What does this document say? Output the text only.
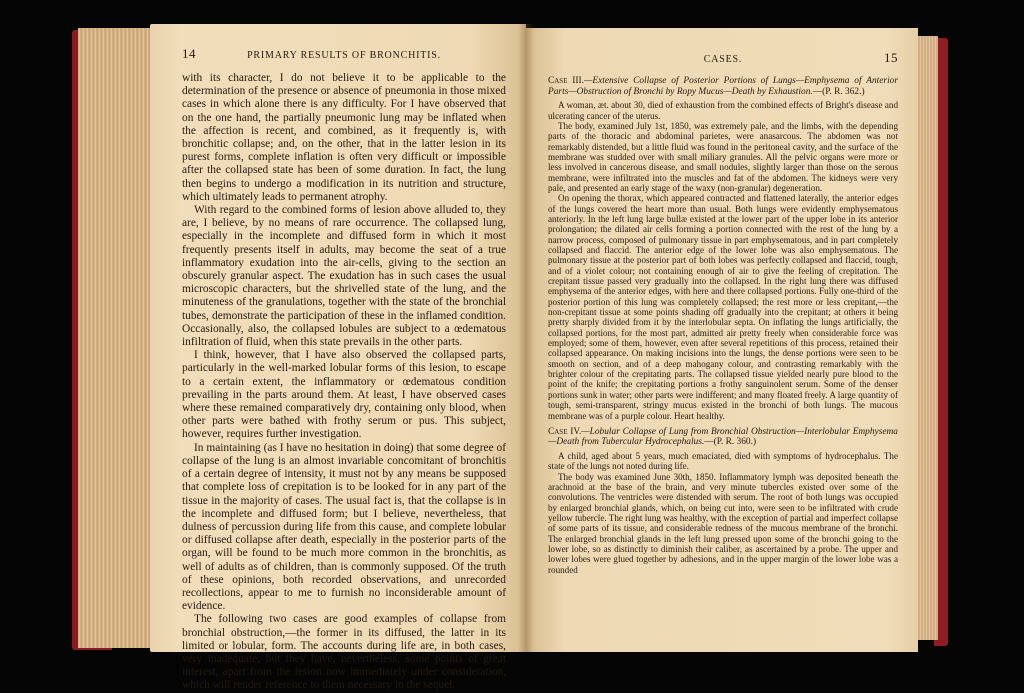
14	PRIMARY RESULTS OF BRONCHITIS.

with its character, I do not believe it to be applicable to the determination of the presence or absence of pneumonia in those mixed cases in which alone there is any difficulty. For I have observed that on the one hand, the partially pneumonic lung may be inflated when the affection is recent, and combined, as it frequently is, with bronchitic collapse; and, on the other, that in the latter lesion in its purest forms, complete inflation is often very difficult or impossible after the collapsed state has been of some duration. In fact, the lung then begins to undergo a modification in its nutrition and structure, which ultimately leads to permanent atrophy.

With regard to the combined forms of lesion above alluded to, they are, I believe, by no means of rare occurrence. The collapsed lung, especially in the incomplete and diffused form in which it most frequently presents itself in adults, may become the seat of a true inflammatory exudation into the air-cells, giving to the section an obscurely granular aspect. The exudation has in such cases the usual microscopic characters, but the shrivelled state of the lung, and the minuteness of the granulations, together with the state of the bronchial tubes, demonstrate the participation of these in the inflamed condition. Occasionally, also, the collapsed lobules are subject to a œdematous infiltration of fluid, when this state prevails in the other parts.

I think, however, that I have also observed the collapsed parts, particularly in the well-marked lobular forms of this lesion, to escape to a certain extent, the inflammatory or œdematous condition prevailing in the parts around them. At least, I have observed cases where these remained comparatively dry, containing only blood, when other parts were bathed with frothy serum or pus. This subject, however, requires further investigation.

In maintaining (as I have no hesitation in doing) that some degree of collapse of the lung is an almost invariable concomitant of bronchitis of a certain degree of intensity, it must not by any means be supposed that complete loss of crepitation is to be looked for in any part of the tissue in the majority of cases. The usual fact is, that the collapse is in the incomplete and diffused form; but I believe, nevertheless, that dulness of percussion during life from this cause, and complete lobular or diffused collapse after death, especially in the posterior parts of the organ, will be found to be much more common in the bronchitis, as well of adults as of children, than is commonly supposed. Of the truth of these opinions, both recorded observations, and unrecorded recollections, appear to me to furnish no inconsiderable amount of evidence.

The following two cases are good examples of collapse from bronchial obstruction,—the former in its diffused, the latter in its limited or lobular, form. The accounts during life are, in both cases, very inadequate; but they have, nevertheless, some points of great interest, apart from the lesion now immediately under consideration, which will render reference to them necessary in the sequel.

CASES.	15
Case III.—Extensive Collapse of Posterior Portions of Lungs—Emphysema of Anterior Parts—Obstruction of Bronchi by Ropy Mucus—Death by Exhaustion.—(P. R. 362.)

A woman, æt. about 30, died of exhaustion from the combined effects of Bright's disease and ulcerating cancer of the uterus.

The body, examined July 1st, 1850, was extremely pale, and the limbs, with the depending parts of the thoracic and abdominal parietes, were anasarcous. The abdomen was not remarkably distended, but a little fluid was found in the peritoneal cavity, and the surface of the membrane was studded over with small miliary granules. All the pelvic organs were more or less involved in cancerous disease, and small nodules, slightly larger than those on the serous membrane, were infiltrated into the muscles and fat of the abdomen. The kidneys were very pale, and presented an early stage of the waxy (non-granular) degeneration.

On opening the thorax, which appeared contracted and flattened laterally, the anterior edges of the lungs covered the heart more than usual. Both lungs were evidently emphysematous anteriorly. In the left lung large bullæ existed at the lower part of the upper lobe in its anterior prolongation; the dilated air cells forming a portion connected with the rest of the lung by a narrow process, composed of pulmonary tissue in part emphysematous, and in part completely collapsed and flaccid. The anterior edge of the lower lobe was also emphysematous. The pulmonary tissue at the posterior part of both lobes was perfectly collapsed and flaccid, tough, and of a violet colour; not containing enough of air to give the feeling of crepitation. The crepitant tissue passed very gradually into the collapsed. In the right lung there was diffused emphysema of the anterior edges, with here and there collapsed portions. Fully one-third of the posterior portion of this lung was completely collapsed; the rest more or less crepitant,—the non-crepitant tissue at some points shading off gradually into the crepitant; at others it being pretty sharply divided from it by the interlobular septa. On inflating the lungs artificially, the collapsed portions, for the most part, admitted air pretty freely when considerable force was employed; some of them, however, even after several repetitions of this process, retained their collapsed appearance. On making incisions into the lungs, the dense portions were seen to be smooth on section, and of a deep mahogany colour, and contrasting remarkably with the brighter colour of the crepitating parts. The collapsed tissue yielded nearly pure blood to the point of the knife; the crepitating portions a frothy sanguinolent serum. Some of the denser portions sunk in water; other parts were indifferent; and many floated freely. A large quantity of tough, semi-transparent, stringy mucus existed in the bronchi of both lungs. The mucous membrane was of a purple colour. Heart healthy.

Case IV.—Lobular Collapse of Lung from Bronchial Obstruction—Interlobular Emphysema—Death from Tubercular Hydrocephalus.—(P. R. 360.)

A child, aged about 5 years, much emaciated, died with symptoms of hydrocephalus. The state of the lungs not noted during life.

The body was examined June 30th, 1850. Inflammatory lymph was deposited beneath the arachnoid at the base of the brain, and very minute tubercles existed over some of the convolutions. The ventricles were distended with serum. The root of both lungs was occupied by enlarged bronchial glands, which, on being cut into, were seen to be infiltrated with crude yellow tubercle. The right lung was healthy, with the exception of partial and imperfect collapse of some parts of its tissue, and considerable redness of the mucous membrane of the bronchi. The enlarged bronchial glands in the left lung pressed upon some of the bronchi going to the lower lobe, so as distinctly to diminish their caliber, as ascertained by a probe. The upper and lower lobes were glued together by adhesions, and in the upper margin of the lower lobe was a rounded
